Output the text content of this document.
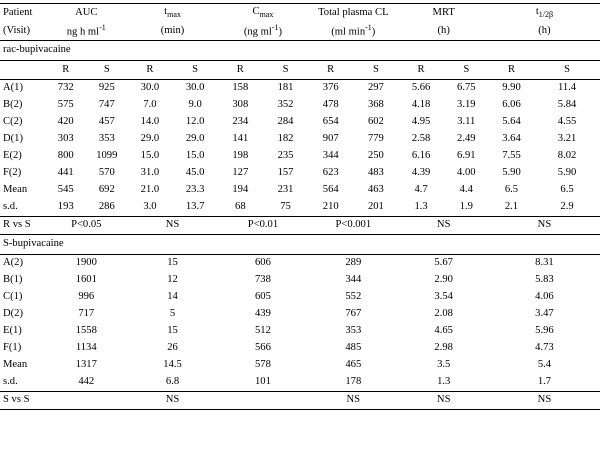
Patient	AUC		$t_{max}$		$C_{max}$		Total plasma CL		MRT		$t_{1/2\beta}$
(Visit)	ng h $ml^{-1}$		(min)		(ng $ml^{-1}$)		(ml $\min^{-1}$)		(h)		(h)	
rac-bupivacaine												
	R	S	R	S	R	S	R	S	R	S	R	S
A(1)	732	925	30.0	30.0	158	181	376	297	5.66	6.75	9.90	11.4
B(2)	575	747	7.0	9.0	308	352	478	368	4.18	3.19	6.06	5.84
C(2)	420	457	14.0	12.0	234	284	654	602	4.95	3.11	5.64	4.55
D(1)	303	353	29.0	29.0	141	182	907	779	2.58	2.49	3.64	3.21
E(2)	800	1099	15.0	15.0	198	235	344	250	6.16	6.91	7.55	8.02
F(2)	441	570	31.0	45.0	127	157	623	483	4.39	4.00	5.90	5.90
Mean	545	692	21.0	23.3	194	231	564	463	4.7	4.4	6.5	6.5
s.d.	193	286	3.0	13.7	68	75	210	201	1.3	1.9	2.1	2.9
R vs S	P<0.05		NS		P<0.01		P<0.001		NS		NS	
S-bupivacaine												
A(2)	1900		15		606		289		5.67		8.31	
B(1)	1601		12		738		344		2.90		5.83	
C(1)	996		14		605		552		3.54		4.06	
D(2)	717		5		439		767		2.08		3.47	
E(1)	1558		15		512		353		4.65		5.96	
F(1)	1134		26		566		485		2.98		4.73	
Mean	1317		14.5		578		465		3.5		5.4	
s.d.	442		6.8		101		178		1.3		1.7	
S vs S			NS				NS		NS		NS	
